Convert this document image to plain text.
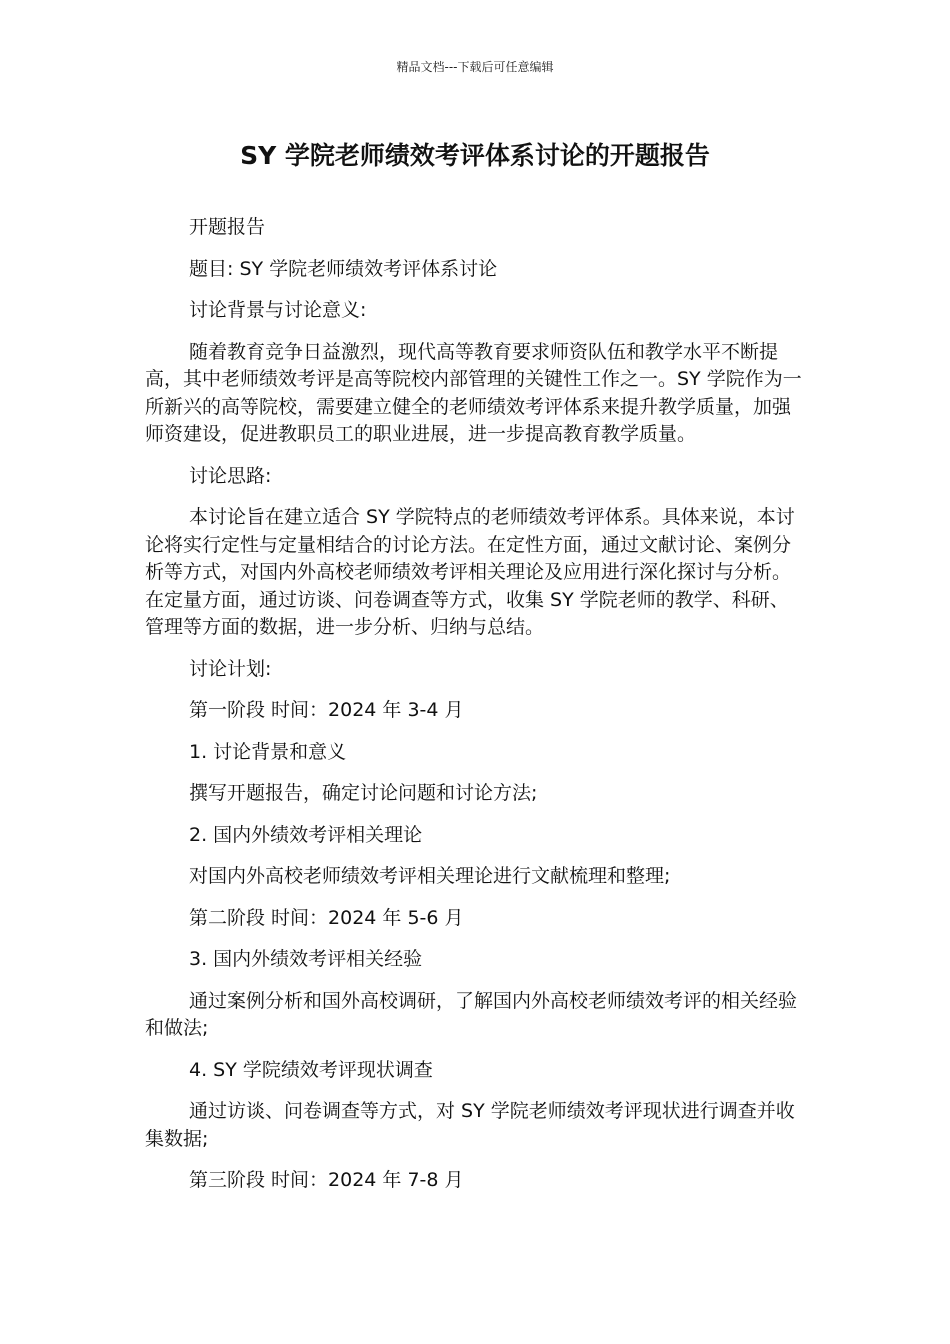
精品文档---下载后可任意编辑
SY 学院老师绩效考评体系讨论的开题报告

开题报告

题目: SY 学院老师绩效考评体系讨论

讨论背景与讨论意义:

随着教育竞争日益激烈，现代高等教育要求师资队伍和教学水平不断提高，其中老师绩效考评是高等院校内部管理的关键性工作之一。SY 学院作为一所新兴的高等院校，需要建立健全的老师绩效考评体系来提升教学质量，加强师资建设，促进教职员工的职业进展，进一步提高教育教学质量。

讨论思路:

本讨论旨在建立适合 SY 学院特点的老师绩效考评体系。具体来说，本讨论将实行定性与定量相结合的讨论方法。在定性方面，通过文献讨论、案例分析等方式，对国内外高校老师绩效考评相关理论及应用进行深化探讨与分析。在定量方面，通过访谈、问卷调查等方式，收集 SY 学院老师的教学、科研、管理等方面的数据，进一步分析、归纳与总结。

讨论计划:

第一阶段 时间：2024 年 3-4 月

1. 讨论背景和意义

撰写开题报告，确定讨论问题和讨论方法;

2. 国内外绩效考评相关理论

对国内外高校老师绩效考评相关理论进行文献梳理和整理;

第二阶段 时间：2024 年 5-6 月

3. 国内外绩效考评相关经验

通过案例分析和国外高校调研，了解国内外高校老师绩效考评的相关经验和做法;

4. SY 学院绩效考评现状调查

通过访谈、问卷调查等方式，对 SY 学院老师绩效考评现状进行调查并收集数据;

第三阶段 时间：2024 年 7-8 月
